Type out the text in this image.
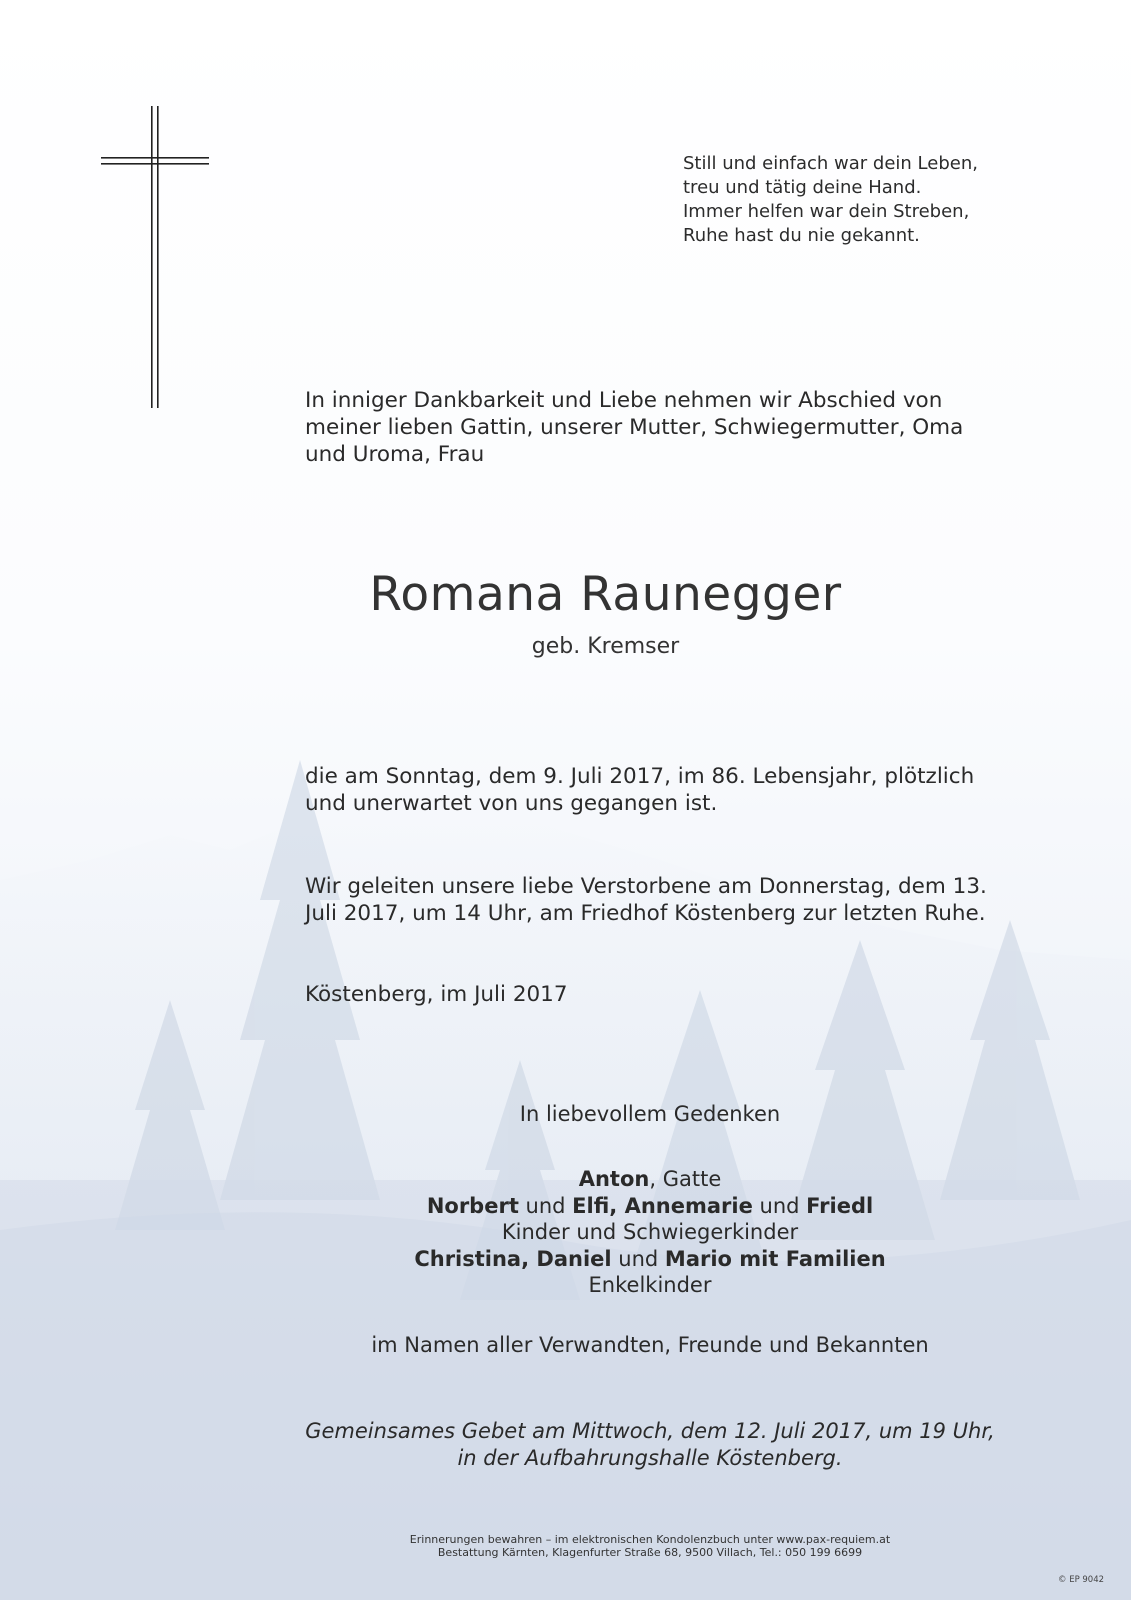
Still und einfach war dein Leben,
treu und tätig deine Hand.
Immer helfen war dein Streben,
Ruhe hast du nie gekannt.
In inniger Dankbarkeit und Liebe nehmen wir Abschied von meiner lieben Gattin, unserer Mutter, Schwiegermutter, Oma und Uroma, Frau
Romana Raunegger
geb. Kremser
die am Sonntag, dem 9. Juli 2017, im 86. Lebensjahr, plötzlich und unerwartet von uns gegangen ist.
Wir geleiten unsere liebe Verstorbene am Donnerstag, dem 13. Juli 2017, um 14 Uhr, am Friedhof Köstenberg zur letzten Ruhe.
Köstenberg, im Juli 2017
In liebevollem Gedenken
Anton, Gatte
Norbert und Elfi, Annemarie und Friedl
Kinder und Schwiegerkinder
Christina, Daniel und Mario mit Familien
Enkelkinder
im Namen aller Verwandten, Freunde und Bekannten
Gemeinsames Gebet am Mittwoch, dem 12. Juli 2017, um 19 Uhr,
in der Aufbahrungshalle Köstenberg.
Erinnerungen bewahren – im elektronischen Kondolenzbuch unter www.pax-requiem.at
Bestattung Kärnten, Klagenfurter Straße 68, 9500 Villach, Tel.: 050 199 6699
© EP 9042
